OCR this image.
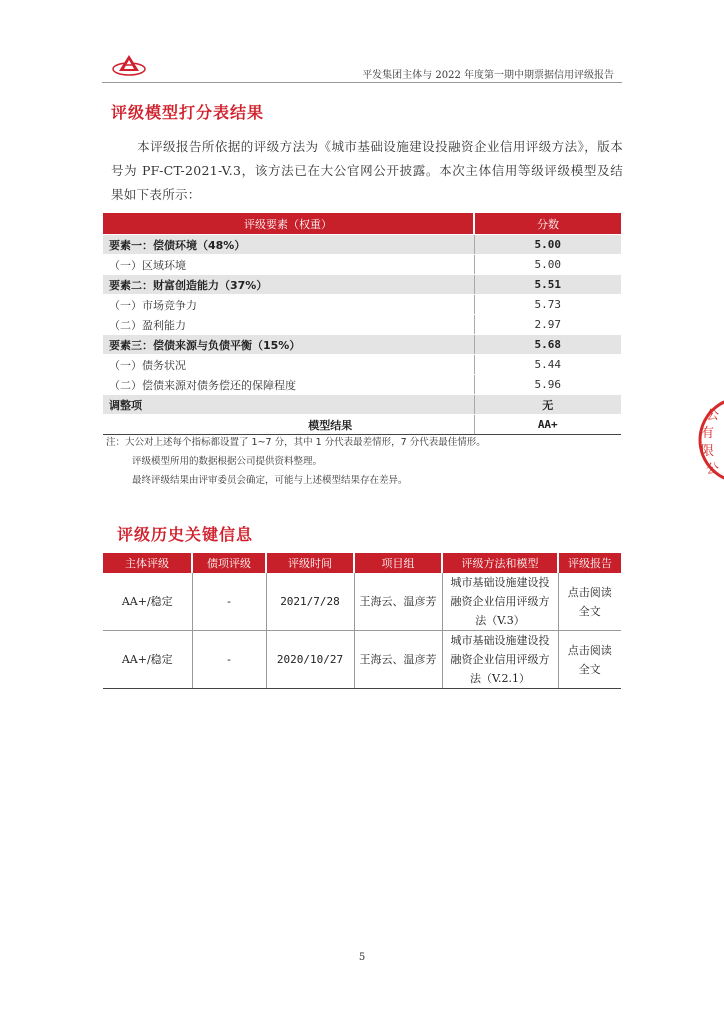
平发集团主体与 2022 年度第一期中期票据信用评级报告
评级模型打分表结果
本评级报告所依据的评级方法为《城市基础设施建设投融资企业信用评级方法》，版本号为 PF-CT-2021-V.3，该方法已在大公官网公开披露。本次主体信用等级评级模型及结果如下表所示：
评级要素（权重）	分数
要素一：偿债环境（48%）	5.00
（一）区域环境	5.00
要素二：财富创造能力（37%）	5.51
（一）市场竞争力	5.73
（二）盈利能力	2.97
要素三：偿债来源与负债平衡（15%）	5.68
（一）债务状况	5.44
（二）偿债来源对债务偿还的保障程度	5.96
调整项	无
模型结果	AA+
注：大公对上述每个指标都设置了 1~7 分，其中 1 分代表最差情形，7 分代表最佳情形。
评级模型所用的数据根据公司提供资料整理。
最终评级结果由评审委员会确定，可能与上述模型结果存在差异。
评级历史关键信息
主体评级	债项评级	评级时间	项目组	评级方法和模型	评级报告
AA+/稳定	-	2021/7/28	王海云、温彦芳	城市基础设施建设投融资企业信用评级方法（V.3）	点击阅读全文
AA+/稳定	-	2020/10/27	王海云、温彦芳	城市基础设施建设投融资企业信用评级方法（V.2.1）	点击阅读全文
公
有
限
公
5
